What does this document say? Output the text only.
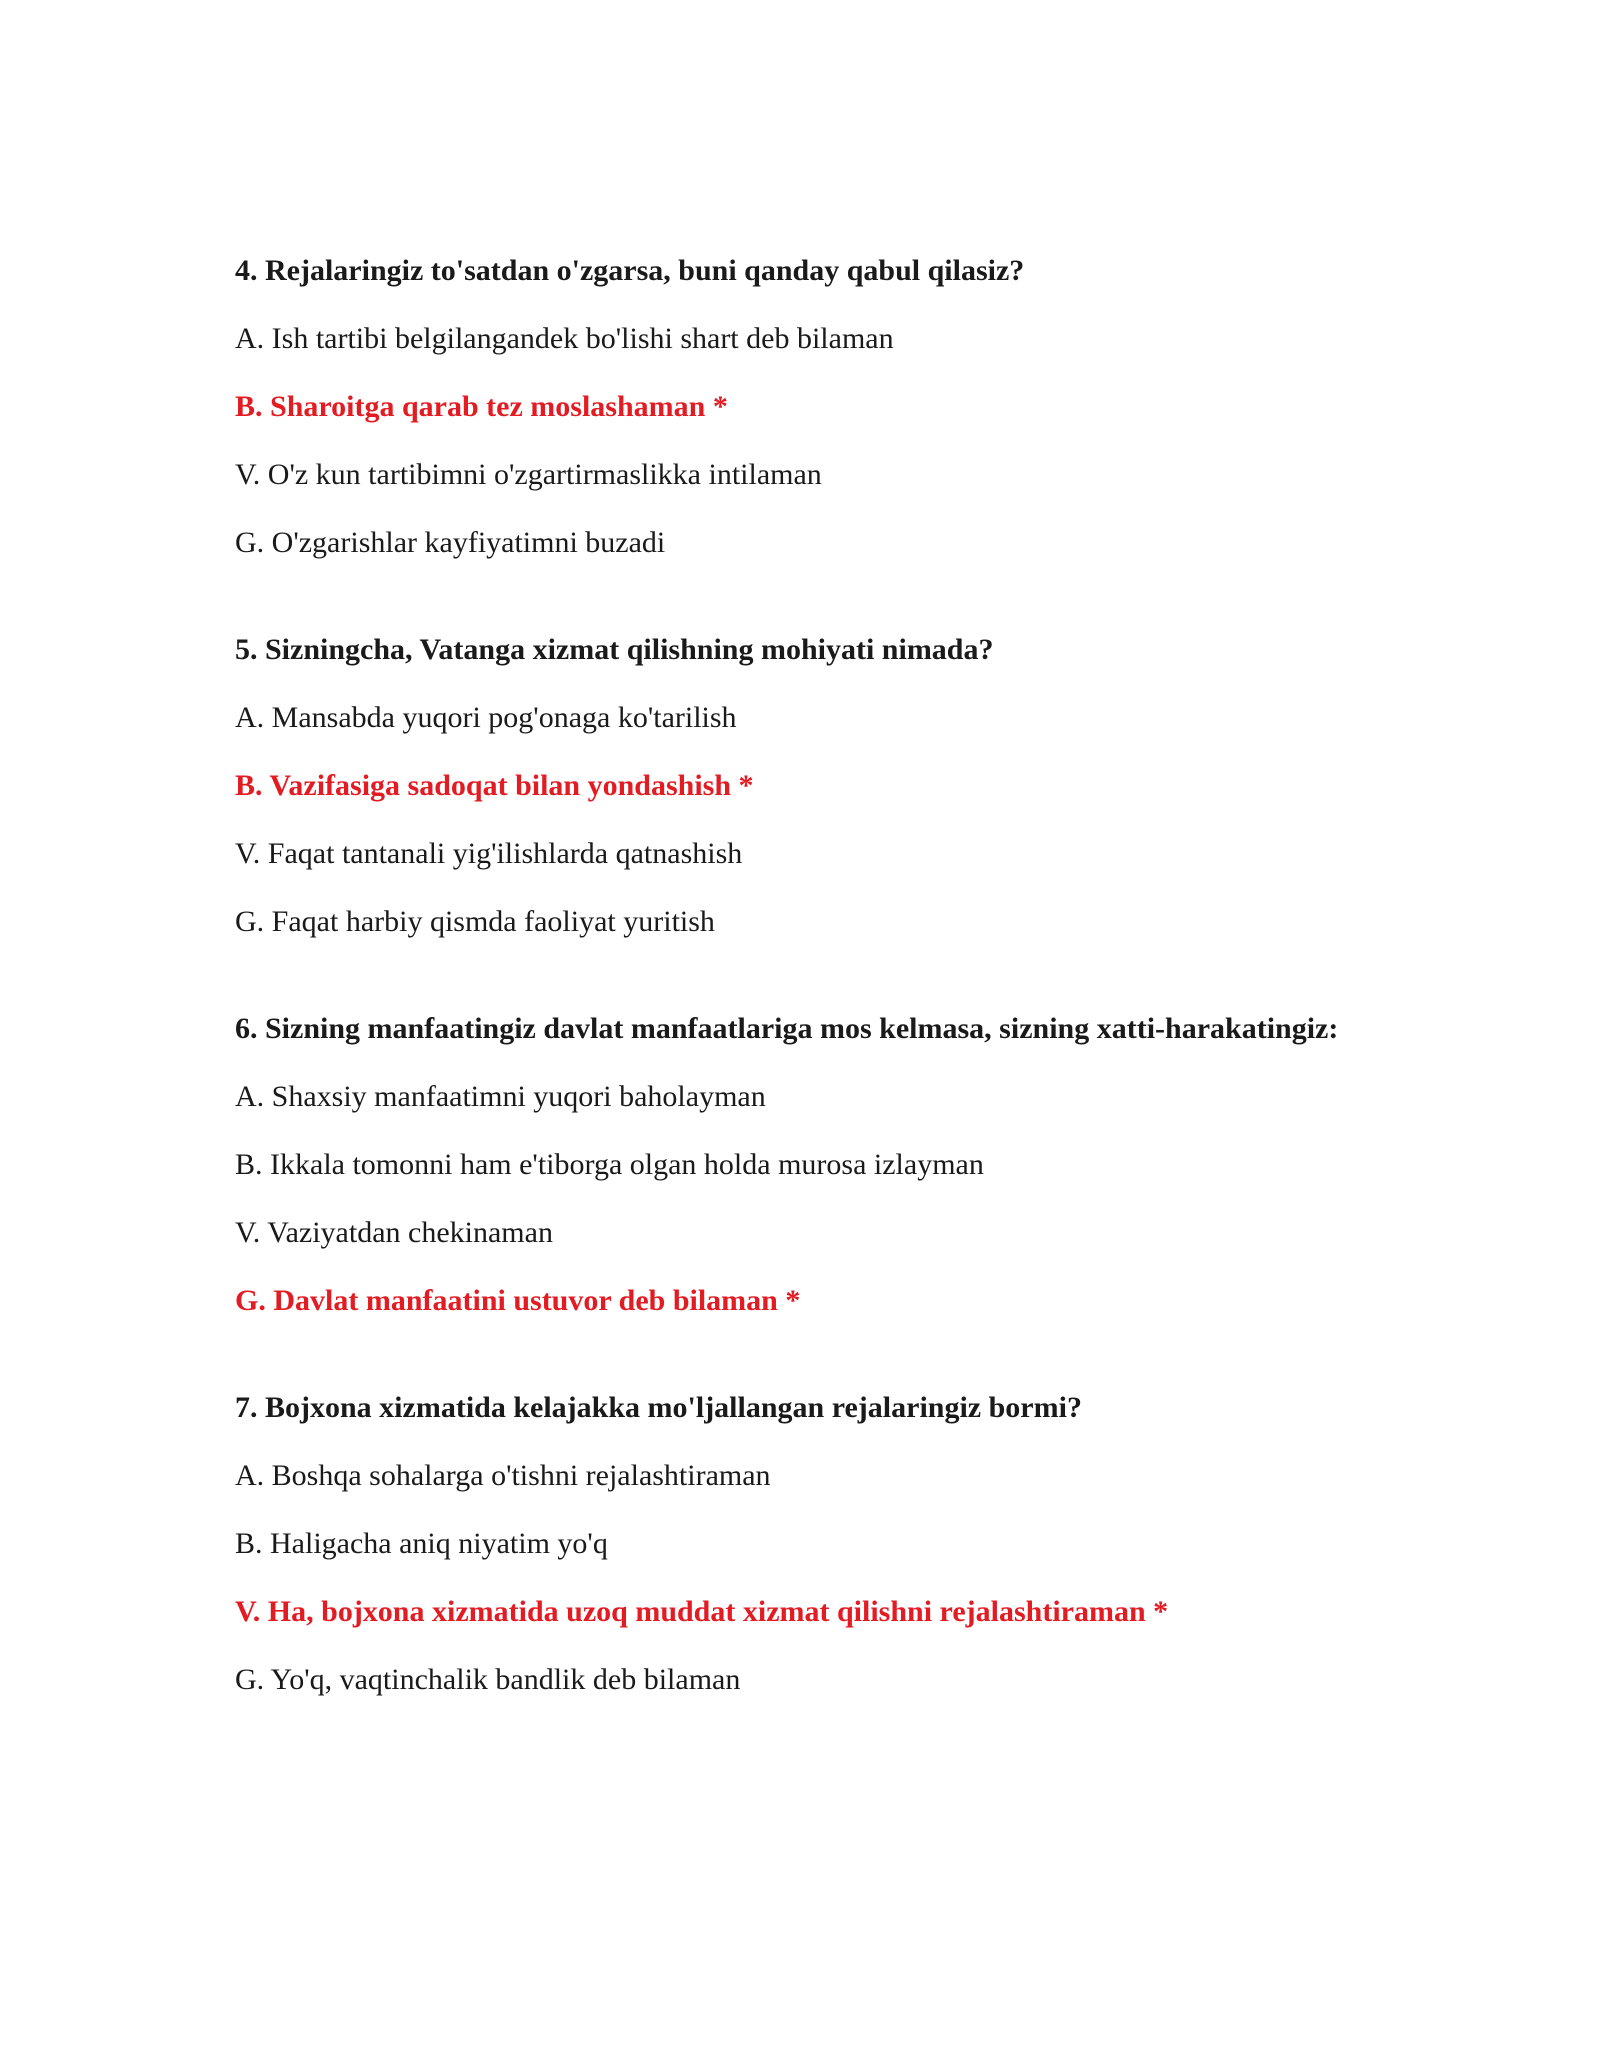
4. Rejalaringiz to'satdan o'zgarsa, buni qanday qabul qilasiz?

A. Ish tartibi belgilangandek bo'lishi shart deb bilaman

B. Sharoitga qarab tez moslashaman *

V. O'z kun tartibimni o'zgartirmaslikka intilaman

G. O'zgarishlar kayfiyatimni buzadi

5. Sizningcha, Vatanga xizmat qilishning mohiyati nimada?

A. Mansabda yuqori pog'onaga ko'tarilish

B. Vazifasiga sadoqat bilan yondashish *

V. Faqat tantanali yig'ilishlarda qatnashish

G. Faqat harbiy qismda faoliyat yuritish

6. Sizning manfaatingiz davlat manfaatlariga mos kelmasa, sizning xatti-harakatingiz:

A. Shaxsiy manfaatimni yuqori baholayman

B. Ikkala tomonni ham e'tiborga olgan holda murosa izlayman

V. Vaziyatdan chekinaman

G. Davlat manfaatini ustuvor deb bilaman *

7. Bojxona xizmatida kelajakka mo'ljallangan rejalaringiz bormi?

A. Boshqa sohalarga o'tishni rejalashtiraman

B. Haligacha aniq niyatim yo'q

V. Ha, bojxona xizmatida uzoq muddat xizmat qilishni rejalashtiraman *

G. Yo'q, vaqtinchalik bandlik deb bilaman
